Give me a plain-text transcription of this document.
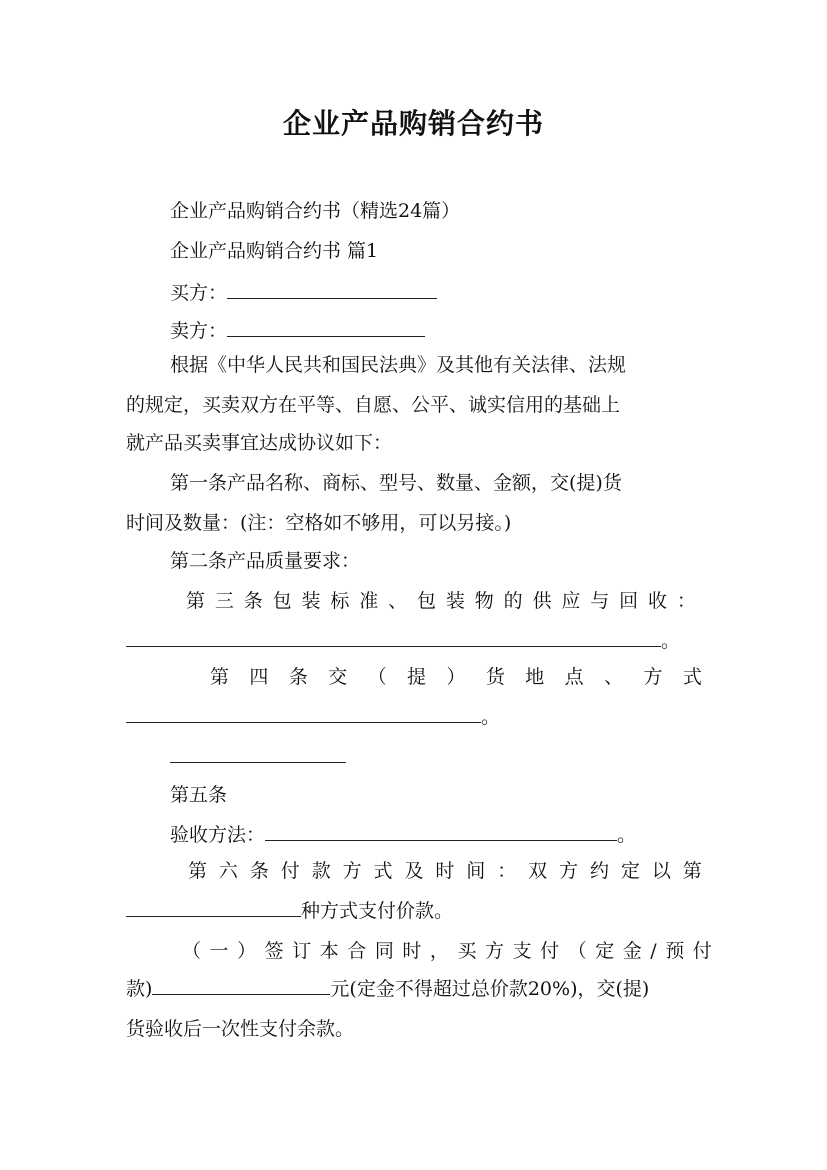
企业产品购销合约书
企业产品购销合约书（精选24篇）
企业产品购销合约书 篇1
买方：
卖方：
根据《中华人民共和国民法典》及其他有关法律、法规
的规定，买卖双方在平等、自愿、公平、诚实信用的基础上
就产品买卖事宜达成协议如下：
第一条产品名称、商标、型号、数量、金额，交(提)货
时间及数量：(注：空格如不够用，可以另接。)
第二条产品质量要求：
第 三 条 包 装 标 准 、 包 装 物 的 供 应 与 回 收 ：
。
第 四 条 交 （ 提 ） 货 地 点 、 方 式
。
第五条
验收方法：	。
第 六 条 付 款 方 式 及 时 间 ： 双 方 约 定 以 第
种方式支付价款。
（ 一 ） 签 订 本 合 同 时 ， 买 方 支 付 （ 定 金 / 预 付
款)	元(定金不得超过总价款20%)，交(提)
货验收后一次性支付余款。
